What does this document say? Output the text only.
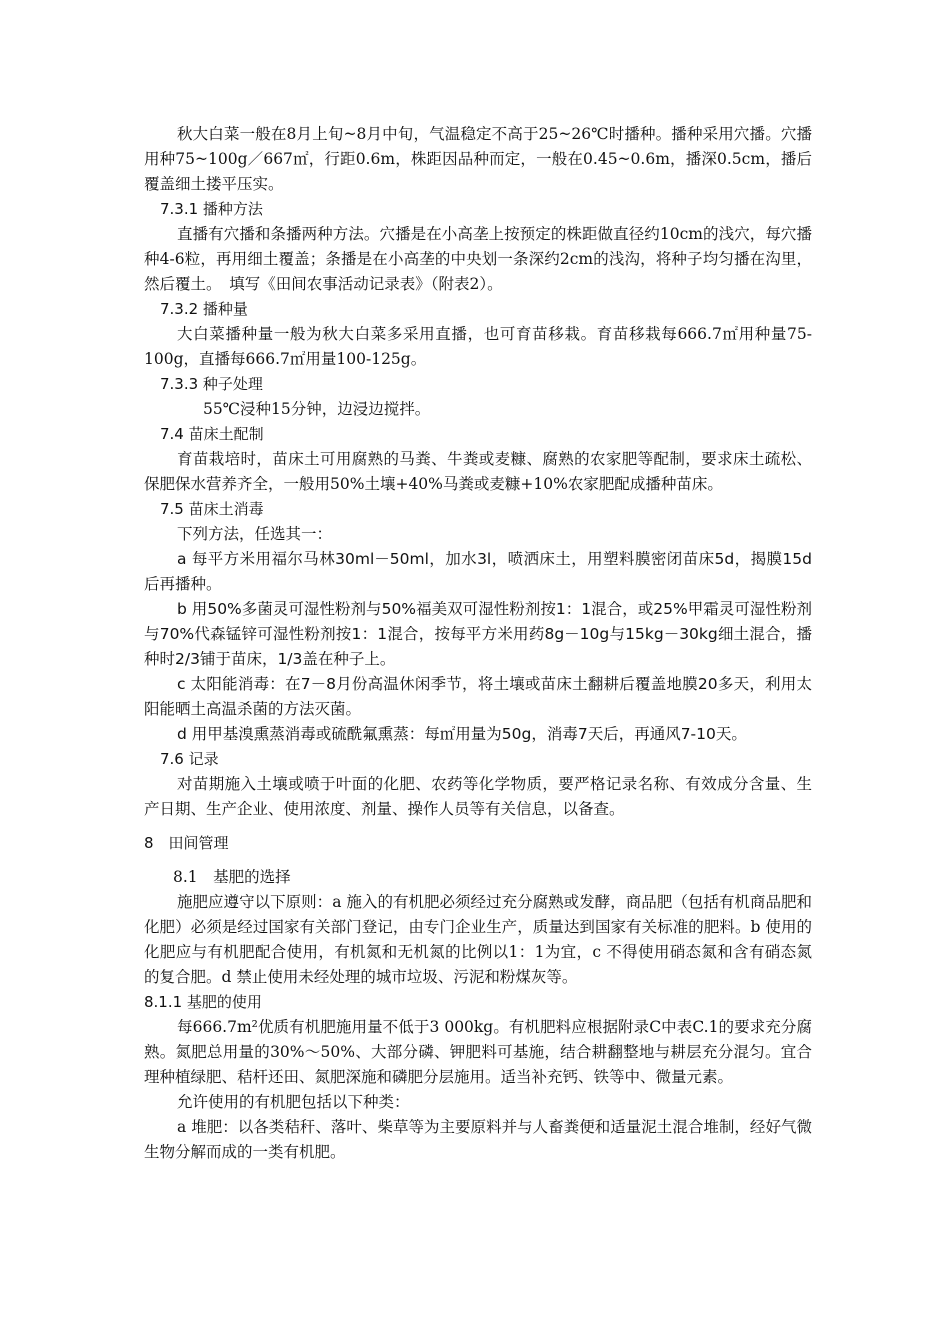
秋大白菜一般在8月上旬~8月中旬，气温稳定不高于25~26℃时播种。播种采用穴播。穴播用种75~100g／667㎡，行距0.6m，株距因品种而定，一般在0.45~0.6m，播深0.5cm，播后覆盖细土搂平压实。

7.3.1 播种方法

直播有穴播和条播两种方法。穴播是在小高垄上按预定的株距做直径约10cm的浅穴，每穴播种4-6粒，再用细土覆盖；条播是在小高垄的中央划一条深约2cm的浅沟，将种子均匀播在沟里，然后覆土。　填写《田间农事活动记录表》（附表2）。

7.3.2 播种量

大白菜播种量一般为秋大白菜多采用直播，也可育苗移栽。育苗移栽每666.7㎡用种量75-100g，直播每666.7㎡用量100-125g。

7.3.3 种子处理

55℃浸种15分钟，边浸边搅拌。

7.4 苗床土配制

育苗栽培时，苗床土可用腐熟的马粪、牛粪或麦糠、腐熟的农家肥等配制，要求床土疏松、保肥保水营养齐全，一般用50%土壤+40%马粪或麦糠+10%农家肥配成播种苗床。

7.5 苗床土消毒

下列方法，任选其一：

a 每平方米用福尔马林30ml－50ml，加水3l，喷洒床土，用塑料膜密闭苗床5d，揭膜15d后再播种。

b 用50%多菌灵可湿性粉剂与50%福美双可湿性粉剂按1：1混合，或25%甲霜灵可湿性粉剂与70%代森锰锌可湿性粉剂按1：1混合，按每平方米用药8g－10g与15kg－30kg细土混合，播种时2/3铺于苗床，1/3盖在种子上。

c 太阳能消毒：在7－8月份高温休闲季节，将土壤或苗床土翻耕后覆盖地膜20多天，利用太阳能晒土高温杀菌的方法灭菌。

d 用甲基溴熏蒸消毒或硫酰氟熏蒸：每㎡用量为50g，消毒7天后，再通风7-10天。

7.6 记录

对苗期施入土壤或喷于叶面的化肥、农药等化学物质，要严格记录名称、有效成分含量、生产日期、生产企业、使用浓度、剂量、操作人员等有关信息，以备查。

8　田间管理

8.1　基肥的选择

施肥应遵守以下原则：a 施入的有机肥必须经过充分腐熟或发酵，商品肥（包括有机商品肥和化肥）必须是经过国家有关部门登记，由专门企业生产，质量达到国家有关标准的肥料。b 使用的化肥应与有机肥配合使用，有机氮和无机氮的比例以1：1为宜，c 不得使用硝态氮和含有硝态氮的复合肥。d 禁止使用未经处理的城市垃圾、污泥和粉煤灰等。

8.1.1 基肥的使用

每666.7m²优质有机肥施用量不低于3 000kg。有机肥料应根据附录C中表C.1的要求充分腐熟。氮肥总用量的30%～50%、大部分磷、钾肥料可基施，结合耕翻整地与耕层充分混匀。宜合理种植绿肥、秸杆还田、氮肥深施和磷肥分层施用。适当补充钙、铁等中、微量元素。

允许使用的有机肥包括以下种类：

a 堆肥：以各类秸秆、落叶、柴草等为主要原料并与人畜粪便和适量泥土混合堆制，经好气微生物分解而成的一类有机肥。
